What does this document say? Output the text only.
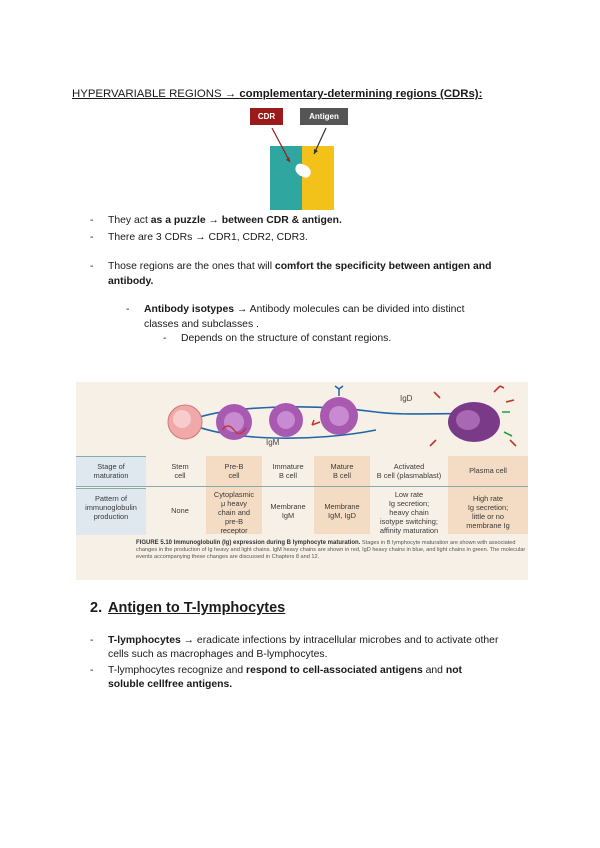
HYPERVARIABLE REGIONS → complementary-determining regions (CDRs):
CDR	Antigen
- They act as a puzzle → between CDR & antigen.
- There are 3 CDRs → CDR1, CDR2, CDR3.
- Those regions are the ones that will comfort the specificity between antigen and
antibody.
- Antibody isotypes → Antibody molecules can be divided into distinct
classes and subclasses .
- Depends on the structure of constant regions.
IgD
IgM
Stage of
maturation
Pattern of
immunoglobulin
production
Stem
cell
Pre-B
cell
Immature
B cell
Mature
B cell
Activated
B cell (plasmablast)
Plasma cell
None
Cytoplasmic
μ heavy
chain and
pre-B
receptor
Membrane
IgM
Membrane
IgM, IgD
Low rate
Ig secretion;
heavy chain
isotype switching;
affinity maturation
High rate
Ig secretion;
little or no
membrane Ig
FIGURE 5.10 Immunoglobulin (Ig) expression during B lymphocyte maturation. Stages in B lymphocyte maturation are shown with associated changes in the production of Ig heavy and light chains. IgM heavy chains are shown in red, IgD heavy chains in blue, and light chains in green. The molecular events accompanying these changes are discussed in Chapters 8 and 12.
2. Antigen to T-lymphocytes
- T-lymphocytes → eradicate infections by intracellular microbes and to activate other
cells such as macrophages and B-lymphocytes.
- T-lymphocytes recognize and respond to cell-associated antigens and not
soluble cellfree antigens.
